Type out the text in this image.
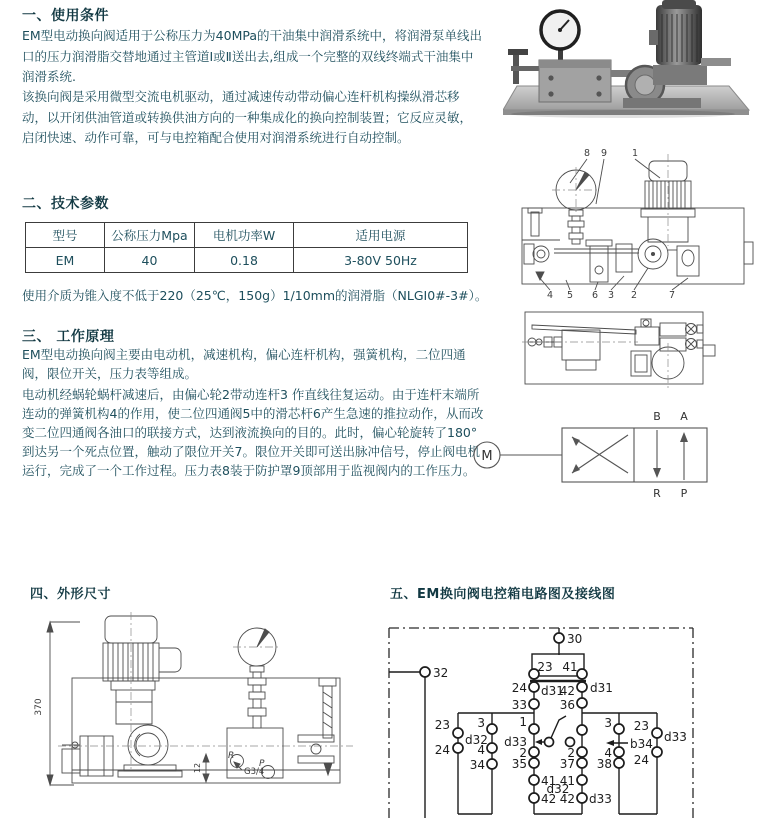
一、使用条件
EM型电动换向阀适用于公称压力为40MPa的干油集中润滑系统中，将润滑泵单线出口的压力润滑脂交替地通过主管道Ⅰ或Ⅱ送出去,组成一个完整的双线终端式干油集中润滑系统.
该换向阀是采用微型交流电机驱动，通过减速传动带动偏心连杆机构操纵滑芯移动，以开闭供油管道或转换供油方向的一种集成化的换向控制装置；它反应灵敏，启闭快速、动作可靠，可与电控箱配合使用对润滑系统进行自动控制。
二、技术参数
型号	公称压力Mpa	电机功率W	适用电源
EM	40	0.18	3-80V 50Hz
使用介质为锥入度不低于220（25℃，150g）1/10mm的润滑脂（NLGI0#-3#）。
三、 工作原理
EM型电动换向阀主要由电动机，减速机构，偏心连杆机构，强簧机构，二位四通阀，限位开关，压力表等组成。
电动机经蜗轮蜗杆减速后，由偏心轮2带动连杆3 作直线往复运动。由于连杆末端所连动的弹簧机构4的作用，使二位四通阀5中的滑芯杆6产生急速的推拉动作，从而改变二位四通阀各油口的联接方式，达到液流换向的目的。此时，偏心轮旋转了180°到达另一个死点位置，触动了限位开关7。限位开关即可送出脉冲信号，停止阀电机运行，完成了一个工作过程。压力表8装于防护罩9顶部用于监视阀内的工作压力。
8 9	1
4 5 6 3 2	7
M
B A
R P
四、外形尺寸	五、EM换向阀电控箱电路图及接线图
370
12	G3/4
R
P
30
32	23 41
24 d31
42 d31
33	36
23
24
d32
3
4
34
1
d33
2
35
41
42
2
37
41
42
d32
d33
3
4
38
b34 d33
23
24
